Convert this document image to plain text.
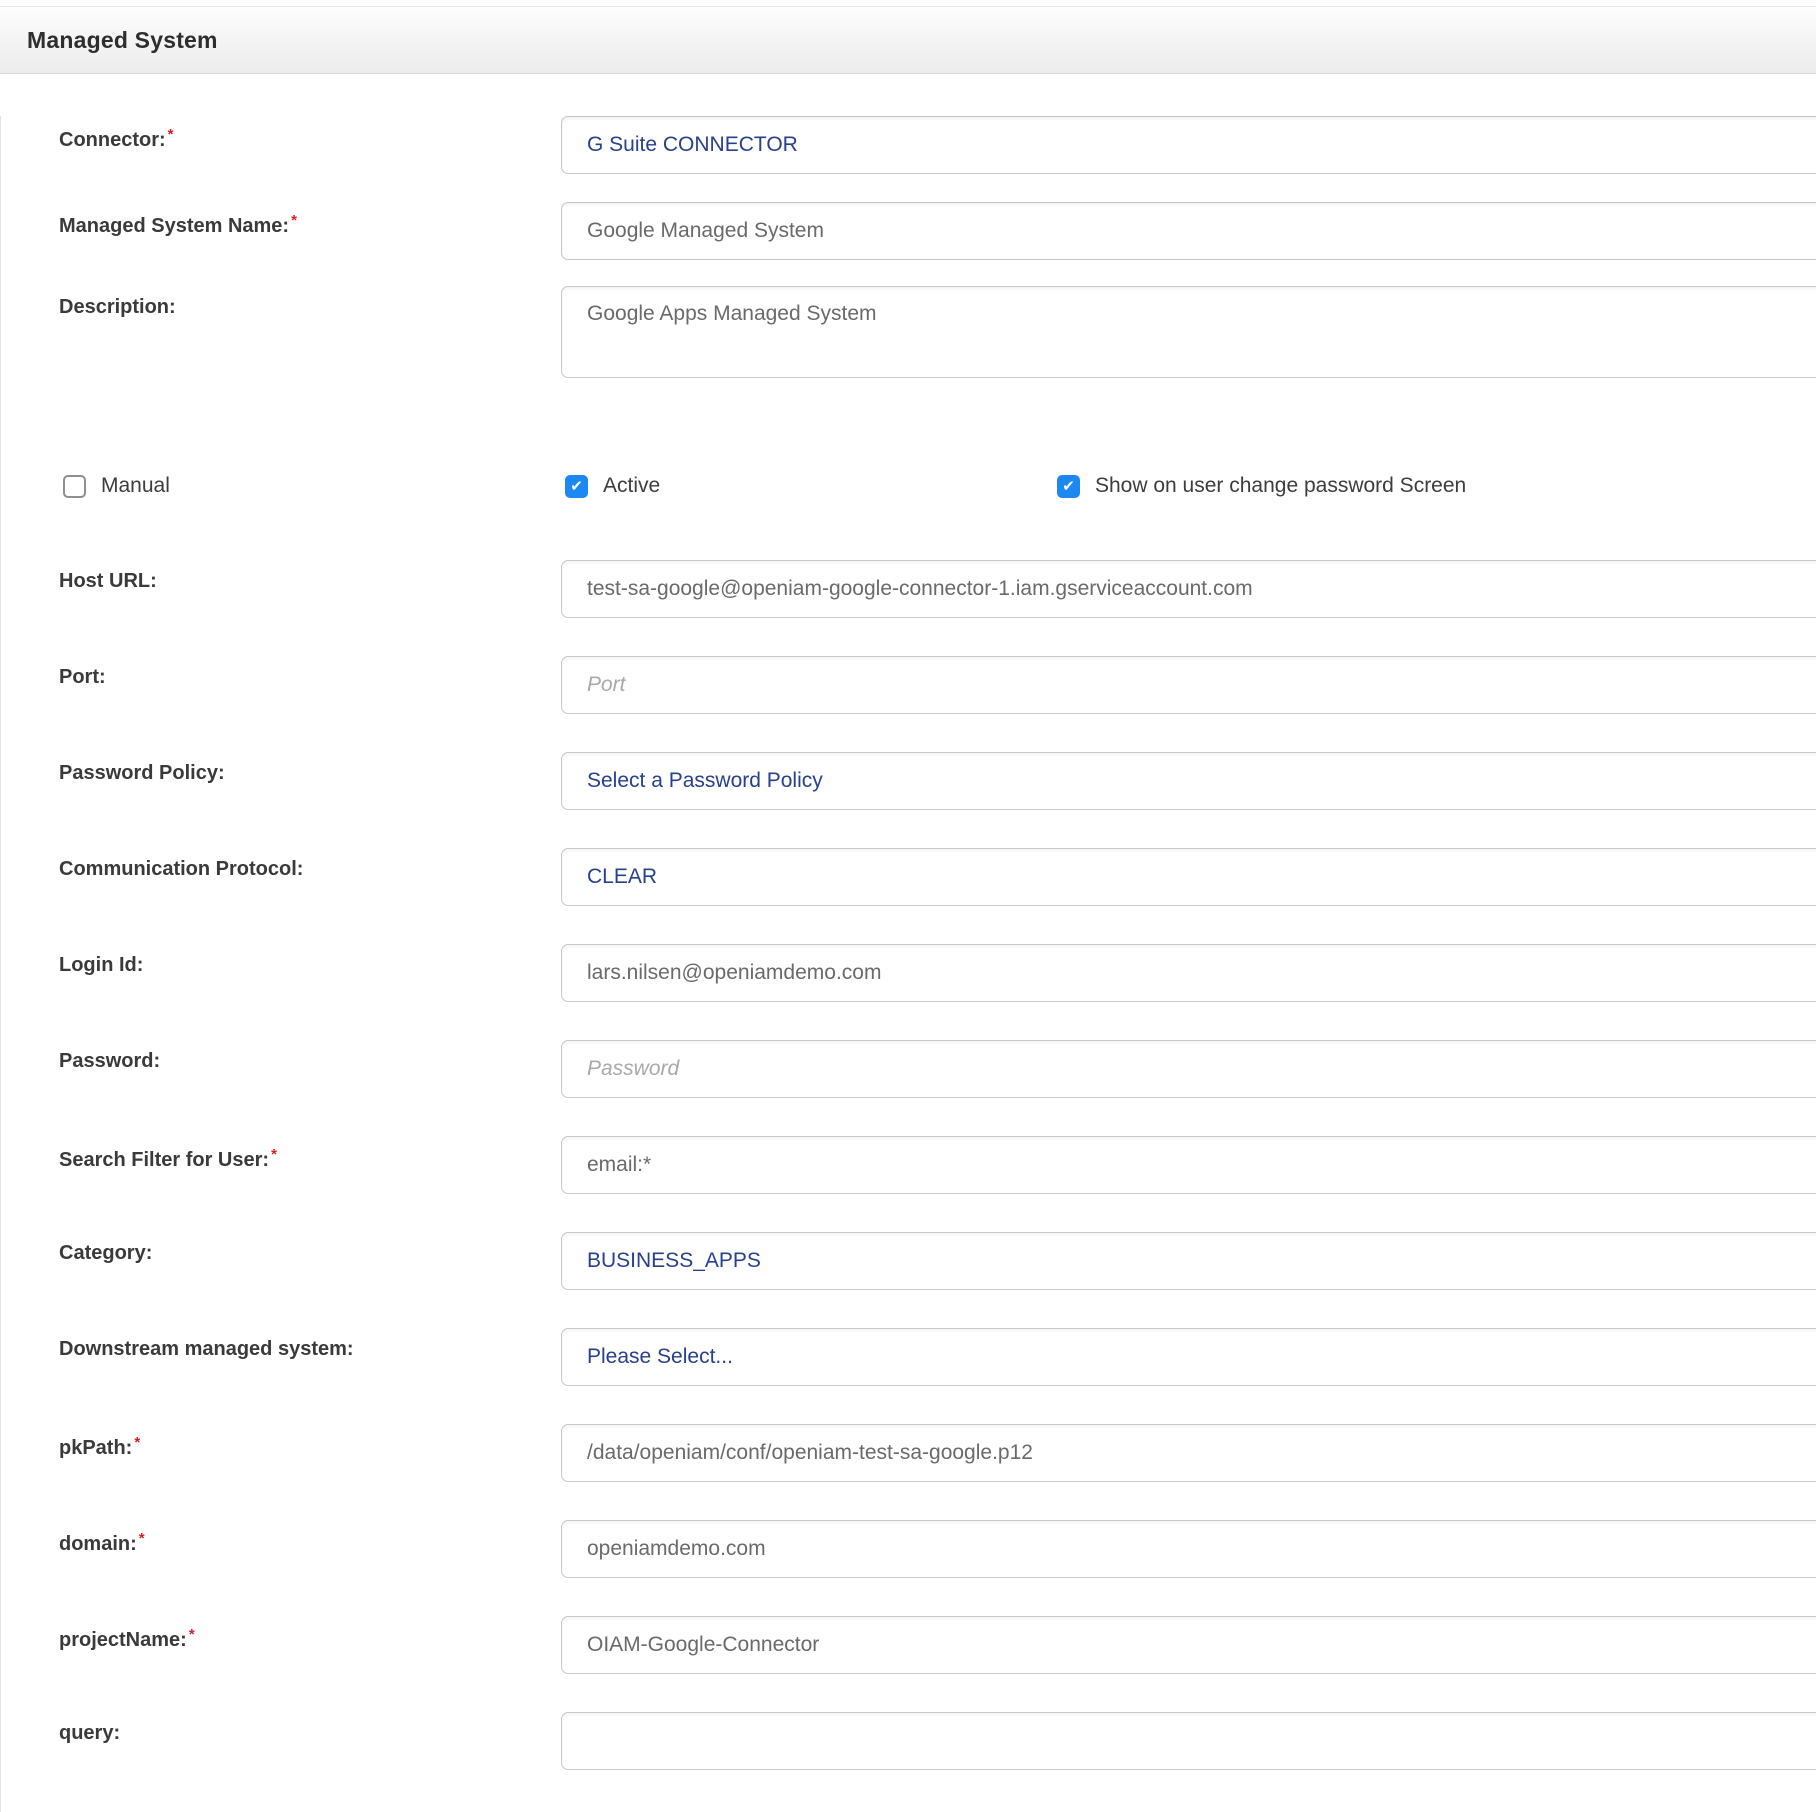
Managed System
Connector: *	G Suite CONNECTOR
Managed System Name: *
Google Managed System
Description:
Google Apps Managed System
Manual ✔	Active ✔	Show on user change password Screen
Host URL:
test-sa-google@openiam-google-connector-1.iam.gserviceaccount.com
Port:
Port
Password Policy:	Select a Password Policy
Communication Protocol:	CLEAR
Login Id:
lars.nilsen@openiamdemo.com
Password:
Search Filter for User: *
email:*
Category:	BUSINESS_APPS
Downstream managed system:	Please Select...
pkPath: *
/data/openiam/conf/openiam-test-sa-google.p12
domain: *
openiamdemo.com
projectName: *
OIAM-Google-Connector
query:
